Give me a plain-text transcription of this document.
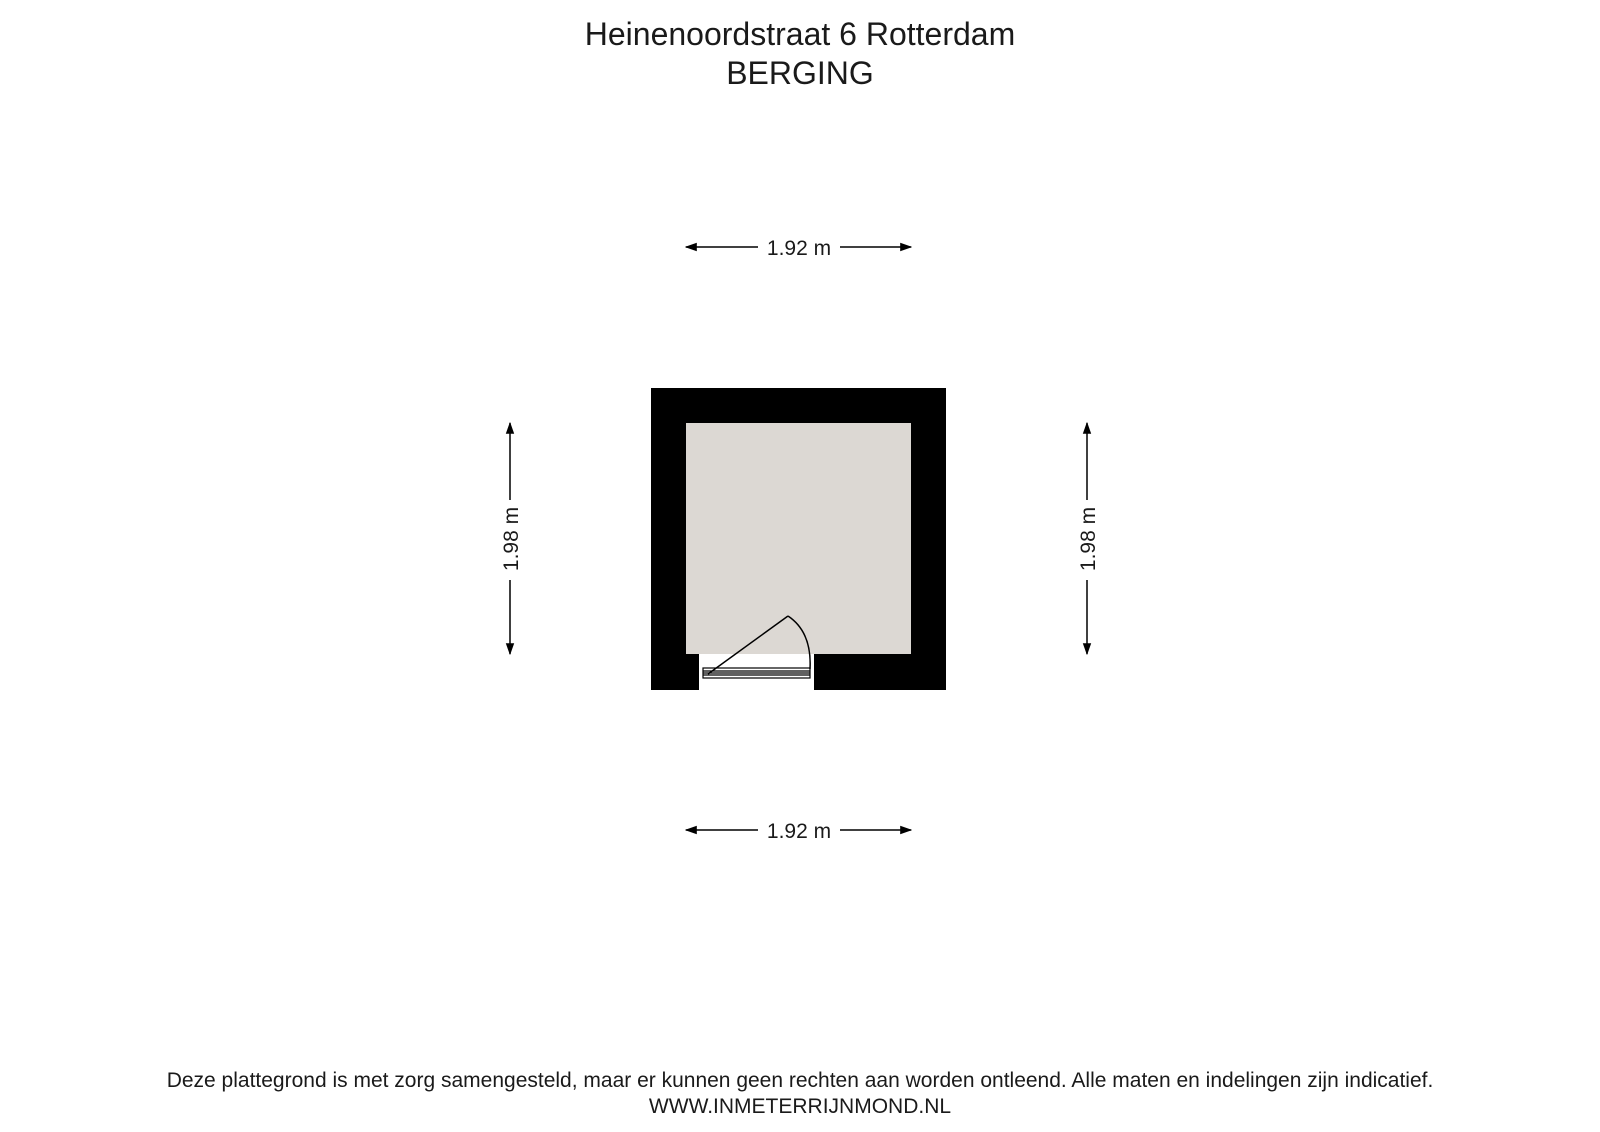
Heinenoordstraat 6 Rotterdam
BERGING
1.92 m
1.92 m
1.98 m	1.98 m
Deze plattegrond is met zorg samengesteld, maar er kunnen geen rechten aan worden ontleend. Alle maten en indelingen zijn indicatief.
WWW.INMETERRIJNMOND.NL
